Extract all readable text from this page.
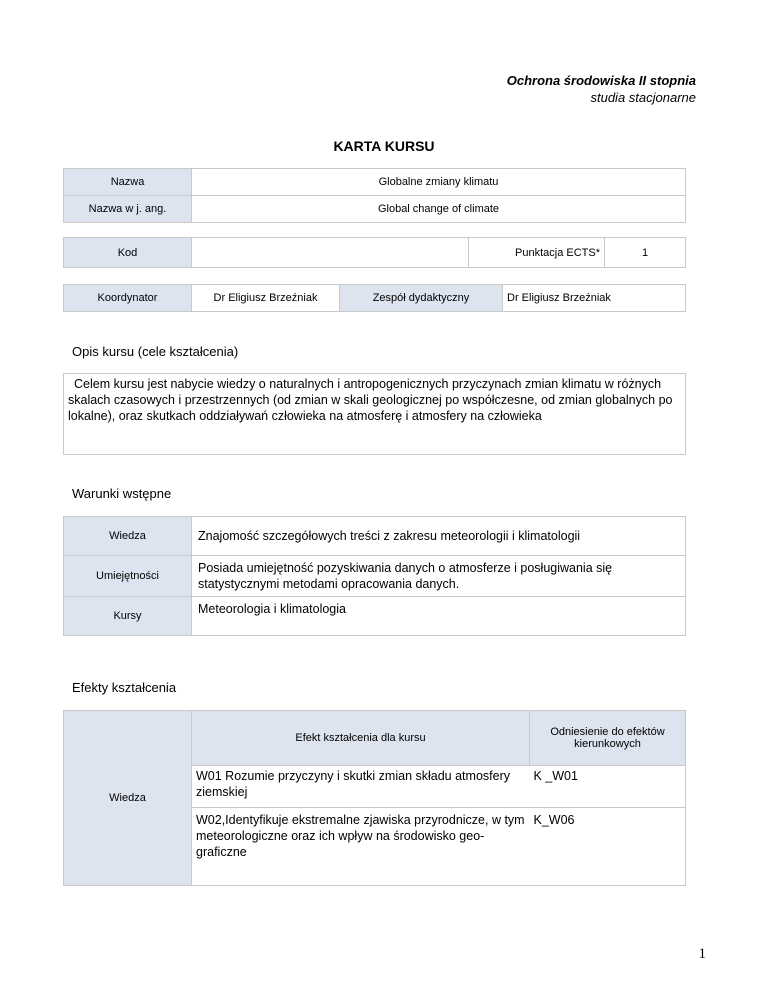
Ochrona środowiska II stopnia
studia stacjonarne
KARTA KURSU
Nazwa	Globalne zmiany klimatu
Nazwa w j. ang.	Global change of climate
Kod		Punktacja ECTS*	1
Koordynator	Dr Eligiusz Brzeźniak	Zespół dydaktyczny	Dr Eligiusz Brzeźniak
Opis kursu (cele kształcenia)
Celem kursu jest nabycie wiedzy o naturalnych i antropogenicznych przyczynach zmian klimatu w różnych skalach czasowych i przestrzennych (od zmian w skali geologicznej po współczesne, od zmian globalnych po lokalne), oraz skutkach oddziaływań człowieka na atmosferę i atmosfery na człowieka
Warunki wstępne
Wiedza	Znajomość szczegółowych treści z zakresu meteorologii i klimatologii
Umiejętności	Posiada umiejętność pozyskiwania danych o atmosferze i posługiwania się statystycznymi metodami opracowania danych.
Kursy	Meteorologia i klimatologia
Efekty kształcenia
Wiedza	Efekt kształcenia dla kursu	Odniesienie do efektów kierunkowych
	W01 Rozumie przyczyny i skutki zmian składu atmosfery ziemskiej	K _W01
	W02,Identyfikuje ekstremalne zjawiska przyrodnicze, w tym meteorologiczne oraz ich wpływ na środowisko geo-graficzne	K_W06
1
